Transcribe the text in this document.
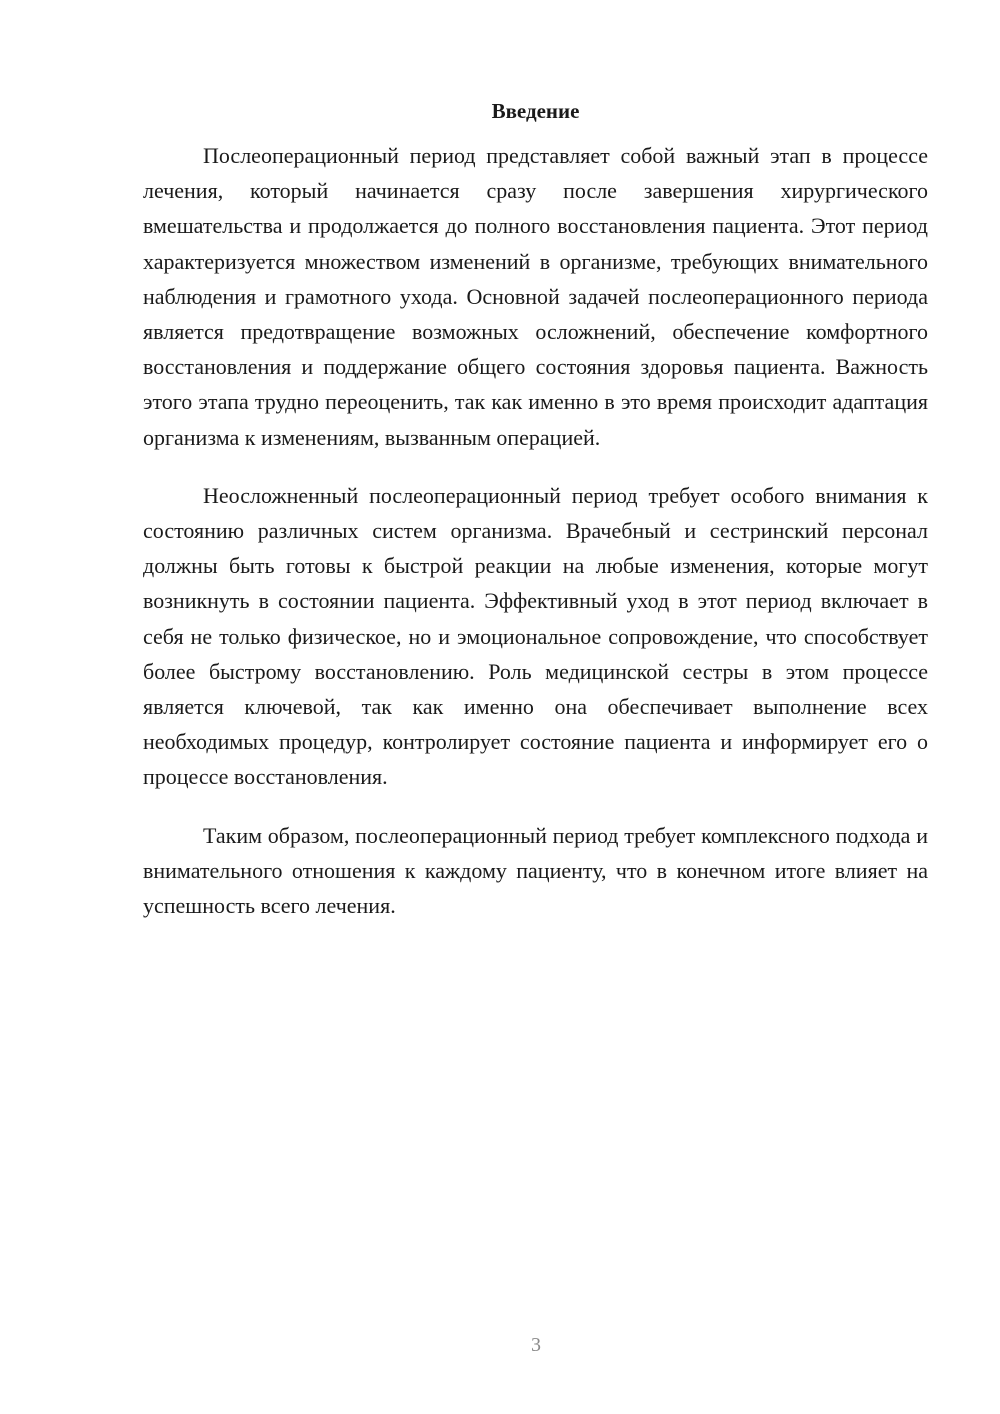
Введение

Послеоперационный период представляет собой важный этап в процессе лечения, который начинается сразу после завершения хирургического вмешательства и продолжается до полного восстановления пациента. Этот период характеризуется множеством изменений в организме, требующих внимательного наблюдения и грамотного ухода. Основной задачей послеоперационного периода является предотвращение возможных осложнений, обеспечение комфортного восстановления и поддержание общего состояния здоровья пациента. Важность этого этапа трудно переоценить, так как именно в это время происходит адаптация организма к изменениям, вызванным операцией.

Неосложненный послеоперационный период требует особого внимания к состоянию различных систем организма. Врачебный и сестринский персонал должны быть готовы к быстрой реакции на любые изменения, которые могут возникнуть в состоянии пациента. Эффективный уход в этот период включает в себя не только физическое, но и эмоциональное сопровождение, что способствует более быстрому восстановлению. Роль медицинской сестры в этом процессе является ключевой, так как именно она обеспечивает выполнение всех необходимых процедур, контролирует состояние пациента и информирует его о процессе восстановления.

Таким образом, послеоперационный период требует комплексного подхода и внимательного отношения к каждому пациенту, что в конечном итоге влияет на успешность всего лечения.

3
